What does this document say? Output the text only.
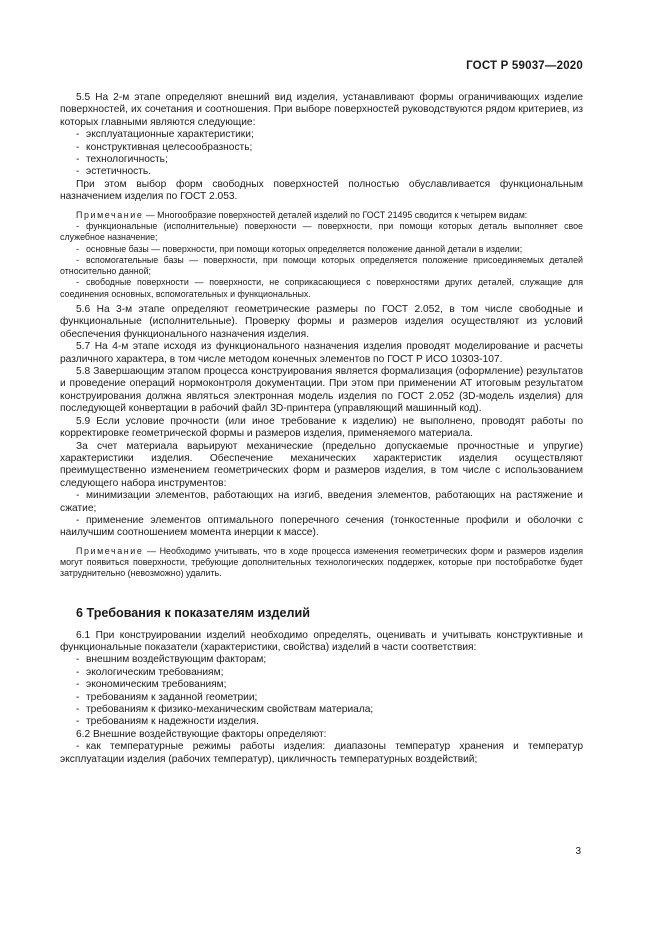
ГОСТ Р 59037—2020

5.5 На 2-м этапе определяют внешний вид изделия, устанавливают формы ограничивающих изделие поверхностей, их сочетания и соотношения. При выборе поверхностей руководствуются рядом критериев, из которых главными являются следующие:

- эксплуатационные характеристики;

- конструктивная целесообразность;

- технологичность;

- эстетичность.

При этом выбор форм свободных поверхностей полностью обуславливается функциональным назначением изделия по ГОСТ 2.053.

Примечание — Многообразие поверхностей деталей изделий по ГОСТ 21495 сводится к четырем видам:

- функциональные (исполнительные) поверхности — поверхности, при помощи которых деталь выполняет свое служебное назначение;

- основные базы — поверхности, при помощи которых определяется положение данной детали в изделии;

- вспомогательные базы — поверхности, при помощи которых определяется положение присоединяемых деталей относительно данной;

- свободные поверхности — поверхности, не соприкасающиеся с поверхностями других деталей, служащие для соединения основных, вспомогательных и функциональных.

5.6 На 3-м этапе определяют геометрические размеры по ГОСТ 2.052, в том числе свободные и функциональные (исполнительные). Проверку формы и размеров изделия осуществляют из условий обеспечения функционального назначения изделия.

5.7 На 4-м этапе исходя из функционального назначения изделия проводят моделирование и расчеты различного характера, в том числе методом конечных элементов по ГОСТ Р ИСО 10303-107.

5.8 Завершающим этапом процесса конструирования является формализация (оформление) результатов и проведение операций нормоконтроля документации. При этом при применении АТ итоговым результатом конструирования должна являться электронная модель изделия по ГОСТ 2.052 (3D-модель изделия) для последующей конвертации в рабочий файл 3D-принтера (управляющий машинный код).

5.9 Если условие прочности (или иное требование к изделию) не выполнено, проводят работы по корректировке геометрической формы и размеров изделия, применяемого материала.

За счет материала варьируют механические (предельно допускаемые прочностные и упругие) характеристики изделия. Обеспечение механических характеристик изделия осуществляют преимущественно изменением геометрических форм и размеров изделия, в том числе с использованием следующего набора инструментов:

- минимизации элементов, работающих на изгиб, введения элементов, работающих на растяжение и сжатие;

- применение элементов оптимального поперечного сечения (тонкостенные профили и оболочки с наилучшим соотношением момента инерции к массе).

Примечание — Необходимо учитывать, что в ходе процесса изменения геометрических форм и размеров изделия могут появиться поверхности, требующие дополнительных технологических поддержек, которые при постобработке будет затруднительно (невозможно) удалить.

6 Требования к показателям изделий

6.1 При конструировании изделий необходимо определять, оценивать и учитывать конструктивные и функциональные показатели (характеристики, свойства) изделий в части соответствия:

- внешним воздействующим факторам;

- экологическим требованиям;

- экономическим требованиям;

- требованиям к заданной геометрии;

- требованиям к физико-механическим свойствам материала;

- требованиям к надежности изделия.

6.2 Внешние воздействующие факторы определяют:

- как температурные режимы работы изделия: диапазоны температур хранения и температур эксплуатации изделия (рабочих температур), цикличность температурных воздействий;

3
